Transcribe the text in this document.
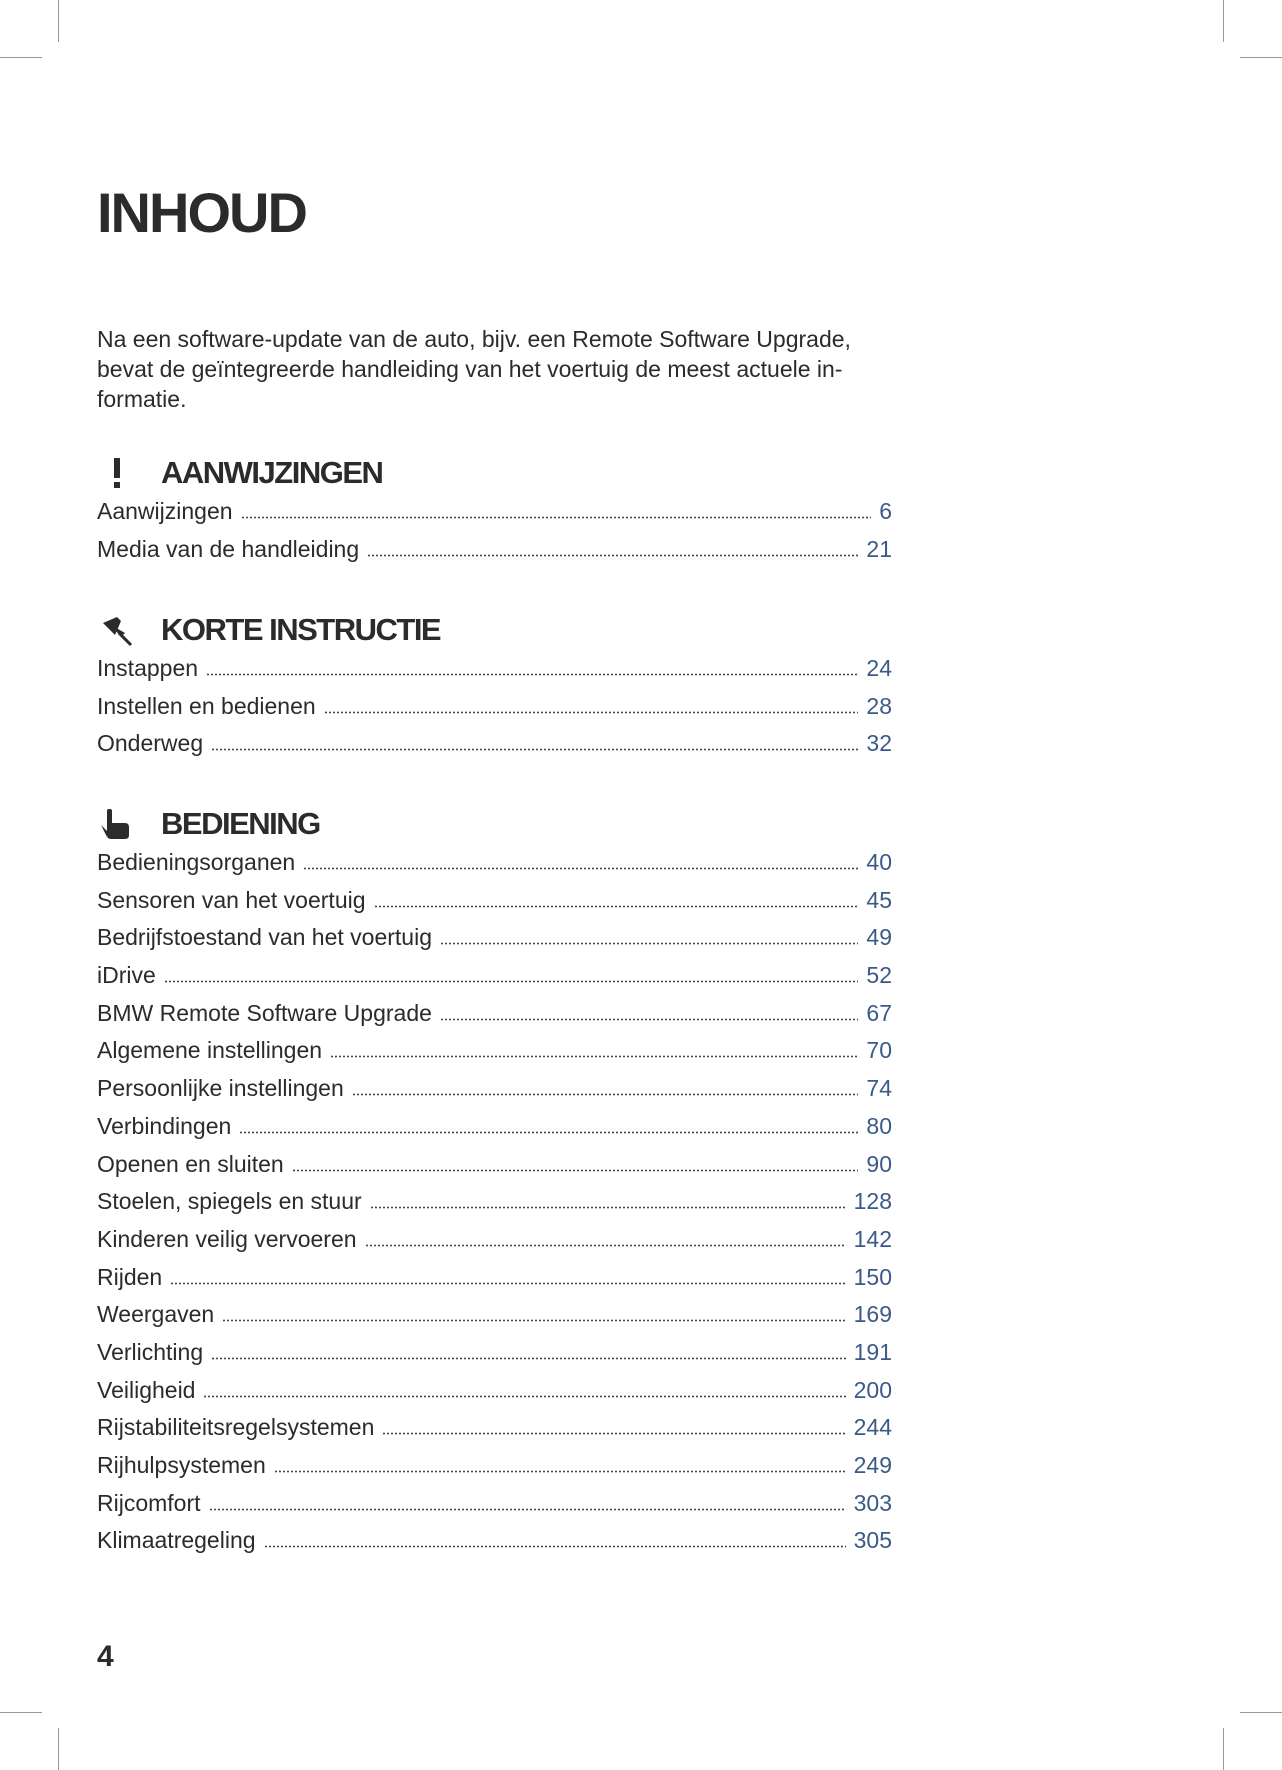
INHOUD

Na een software-update van de auto, bijv. een Remote Software Upgrade, bevat de geïntegreerde handleiding van het voertuig de meest actuele in-formatie.

AANWIJZINGEN
Aanwijzingen	6
Media van de handleiding	21
KORTE INSTRUCTIE
Instappen	24
Instellen en bedienen	28
Onderweg	32
BEDIENING
Bedieningsorganen	40
Sensoren van het voertuig	45
Bedrijfstoestand van het voertuig	49
iDrive	52
BMW Remote Software Upgrade	67
Algemene instellingen	70
Persoonlijke instellingen	74
Verbindingen	80
Openen en sluiten	90
Stoelen, spiegels en stuur	128
Kinderen veilig vervoeren	142
Rijden	150
Weergaven	169
Verlichting	191
Veiligheid	200
Rijstabiliteitsregelsystemen	244
Rijhulpsystemen	249
Rijcomfort	303
Klimaatregeling	305
4
